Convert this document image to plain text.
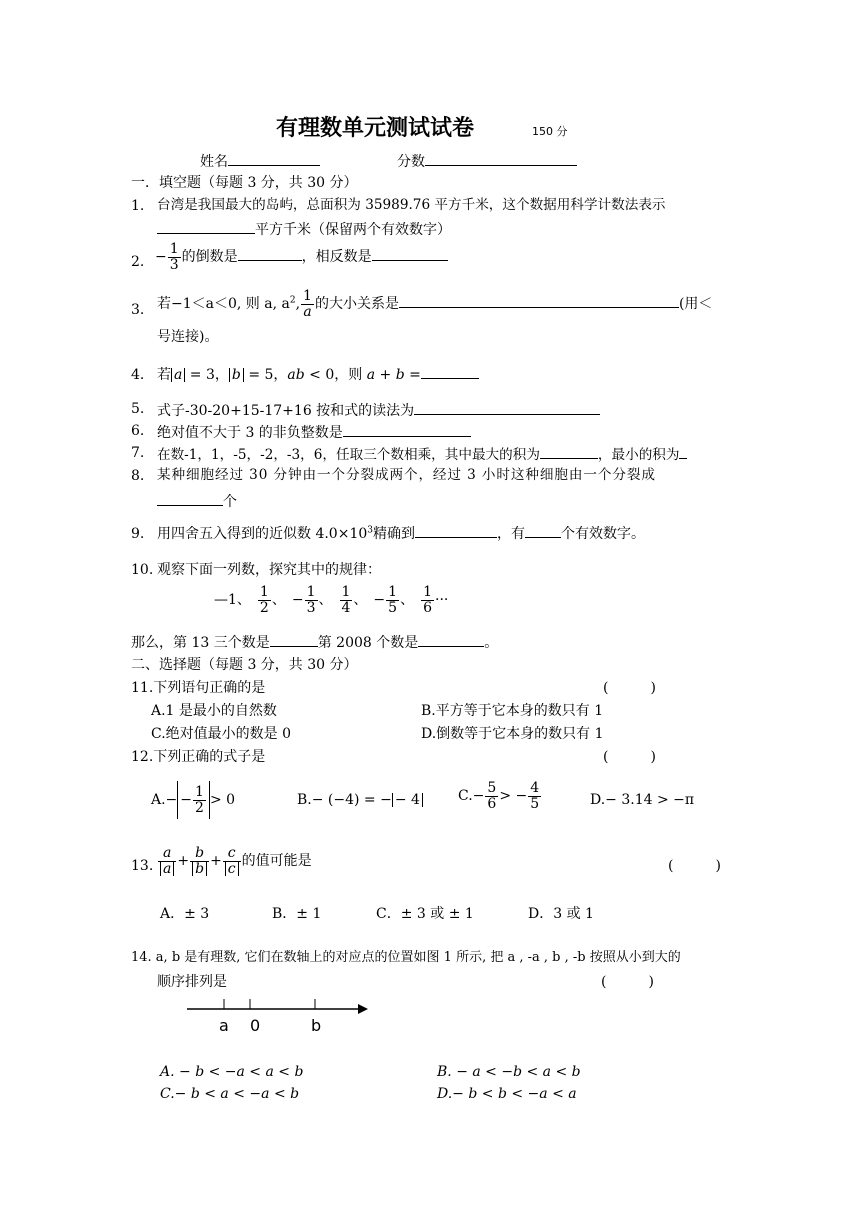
有理数单元测试试卷	150 分
姓名	分数
一．填空题（每题 3 分，共 30 分）
1. 台湾是我国最大的岛屿，总面积为 35989.76 平方千米，这个数据用科学计数法表示
平方千米（保留两个有效数字）
2. − $\frac{1}{3}$ 的倒数是	，相反数是
3. 若−1＜a＜0, 则 a, $a^2$, $\frac{1}{a}$ 的大小关系是	(用＜
号连接)。
4. 若 a = 3， b = 5，ab < 0，则 a + b =
5. 式子-30-20+15-17+16 按和式的读法为
6. 绝对值不大于 3 的非负整数是
7. 在数-1，1，-5，-2，-3，6，任取三个数相乘，其中最大的积为	，最小的积为
8. 某种细胞经过 30 分钟由一个分裂成两个，经过 3 小时这种细胞由一个分裂成
个
9. 用四舍五入得到的近似数 $4.0\times 10^3$精确到	，有	个有效数字。
10. 观察下面一列数，探究其中的规律：
—1、 $\frac{1}{2}$ 、 − $\frac{1}{3}$ 、 $\frac{1}{4}$ 、 − $\frac{1}{5}$ 、 $\frac{1}{6}$ ···
那么，第 13 三个数是	第 2008 个数是	。
二、选择题（每题 3 分，共 30 分）
11.下列语句正确的是	(　　　)
A.1 是最小的自然数	B.平方等于它本身的数只有 1
C.绝对值最小的数是 0	D.倒数等于它本身的数只有 1
12.下列正确的式子是	(　　　)
$A.- - \frac{1}{2} > 0$	B.− (−4) = − − 4	$C.- \frac{5}{6}$ > − $\frac{4}{5}$	D.− 3.14 > −π
13. $\frac{a}{a} + \frac{b}{b} + \frac{c}{c}$ 的值可能是	(　　　)
A．± 3	B．± 1	C．± 3 或 ± 1	D．3 或 1
14. a, b 是有理数, 它们在数轴上的对应点的位置如图 1 所示, 把 a , -a , b , -b 按照从小到大的
顺序排列是	(　　　)
a 0	b
A. − b < −a < a < b	B. − a < −b < a < b
C.− b < a < −a < b	D.− b < b < −a < a
